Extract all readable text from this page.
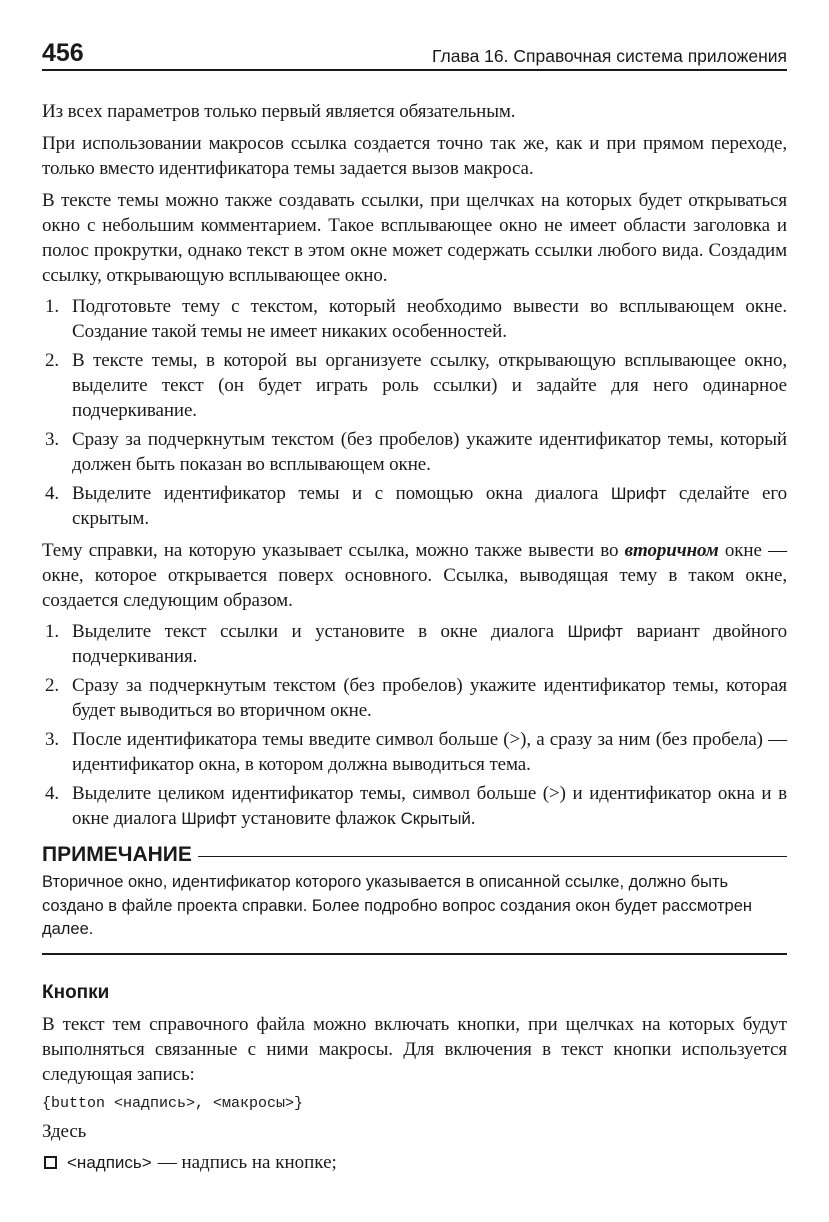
456	Глава 16. Справочная система приложения

Из всех параметров только первый является обязательным.

При использовании макросов ссылка создается точно так же, как и при прямом переходе, только вместо идентификатора темы задается вызов макроса.

В тексте темы можно также создавать ссылки, при щелчках на которых будет открываться окно с небольшим комментарием. Такое всплывающее окно не имеет области заголовка и полос прокрутки, однако текст в этом окне может содержать ссылки любого вида. Создадим ссылку, открывающую всплывающее окно.

1. Подготовьте тему с текстом, который необходимо вывести во всплывающем окне. Создание такой темы не имеет никаких особенностей.
2. В тексте темы, в которой вы организуете ссылку, открывающую всплывающее окно, выделите текст (он будет играть роль ссылки) и задайте для него одинарное подчеркивание.
3. Сразу за подчеркнутым текстом (без пробелов) укажите идентификатор темы, который должен быть показан во всплывающем окне.
4. Выделите идентификатор темы и с помощью окна диалога Шрифт сделайте его скрытым.

Тему справки, на которую указывает ссылка, можно также вывести во вторичном окне — окне, которое открывается поверх основного. Ссылка, выводящая тему в таком окне, создается следующим образом.

1. Выделите текст ссылки и установите в окне диалога Шрифт вариант двойного подчеркивания.
2. Сразу за подчеркнутым текстом (без пробелов) укажите идентификатор темы, которая будет выводиться во вторичном окне.
3. После идентификатора темы введите символ больше (>), а сразу за ним (без пробела) — идентификатор окна, в котором должна выводиться тема.
4. Выделите целиком идентификатор темы, символ больше (>) и идентификатор окна и в окне диалога Шрифт установите флажок Скрытый.
ПРИМЕЧАНИЕ
Вторичное окно, идентификатор которого указывается в описанной ссылке, должно быть создано в файле проекта справки. Более подробно вопрос создания окон будет рассмотрен далее.
Кнопки

В текст тем справочного файла можно включать кнопки, при щелчках на которых будут выполняться связанные с ними макросы. Для включения в текст кнопки используется следующая запись:

{button <надпись>, <макросы>}

Здесь

<надпись> — надпись на кнопке;
